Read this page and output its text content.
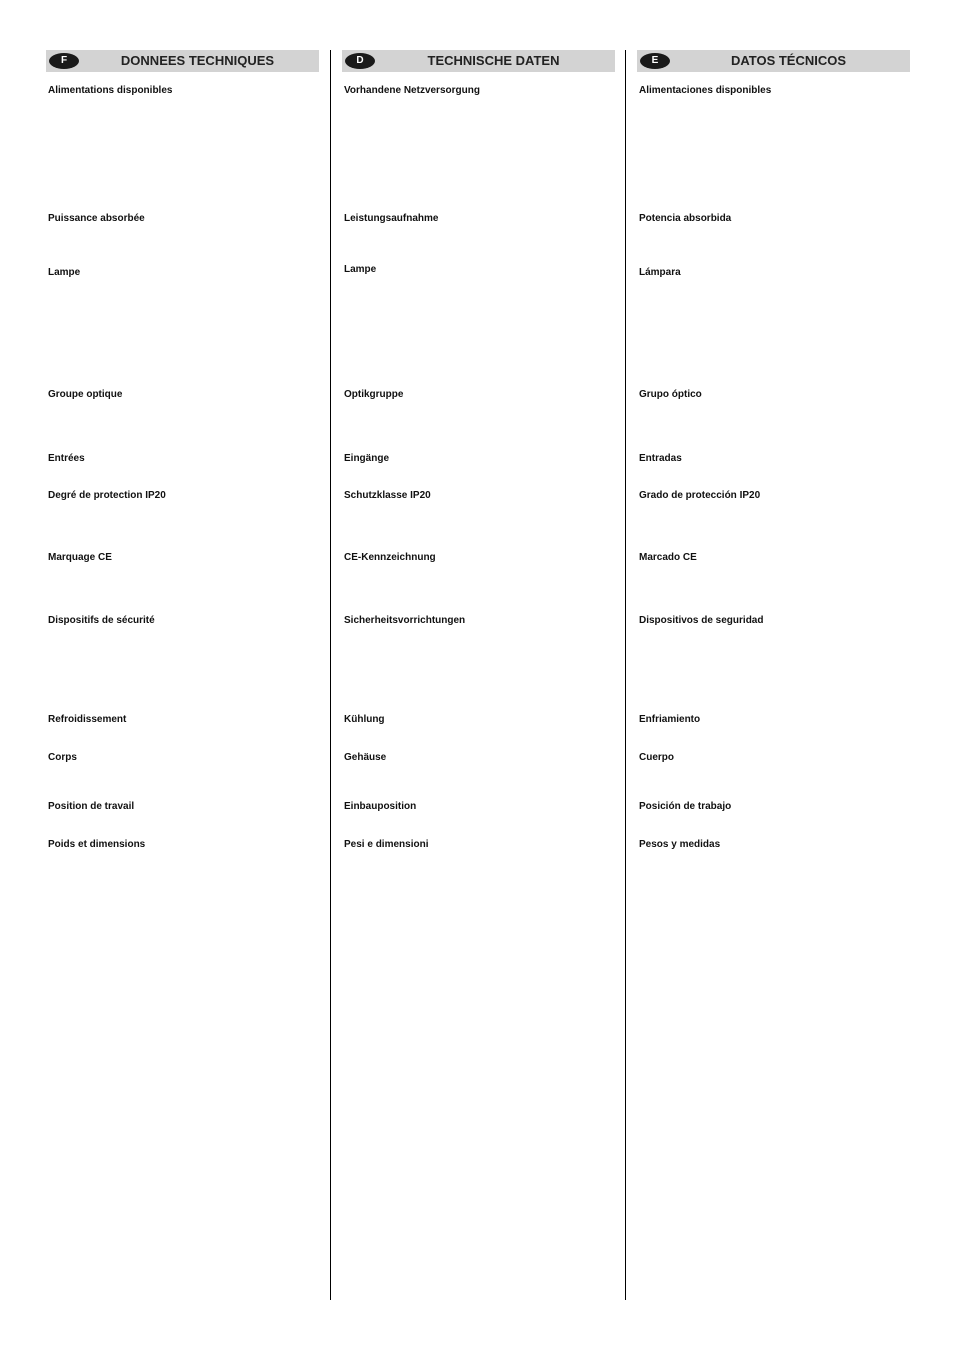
F	DONNEES TECHNIQUES
Alimentations disponibles
Puissance absorbée
Lampe
Groupe optique
Entrées
Degré de protection IP20
Marquage CE
Dispositifs de sécurité
Refroidissement
Corps
Position de travail
Poids et dimensions
D	TECHNISCHE DATEN
Vorhandene Netzversorgung
Leistungsaufnahme
Lampe
Optikgruppe
Eingänge
Schutzklasse IP20
CE-Kennzeichnung
Sicherheitsvorrichtungen
Kühlung
Gehäuse
Einbauposition
Pesi e dimensioni
E	DATOS TÉCNICOS
Alimentaciones disponibles
Potencia absorbida
Lámpara
Grupo óptico
Entradas
Grado de protección IP20
Marcado CE
Dispositivos de seguridad
Enfriamiento
Cuerpo
Posición de trabajo
Pesos y medidas
